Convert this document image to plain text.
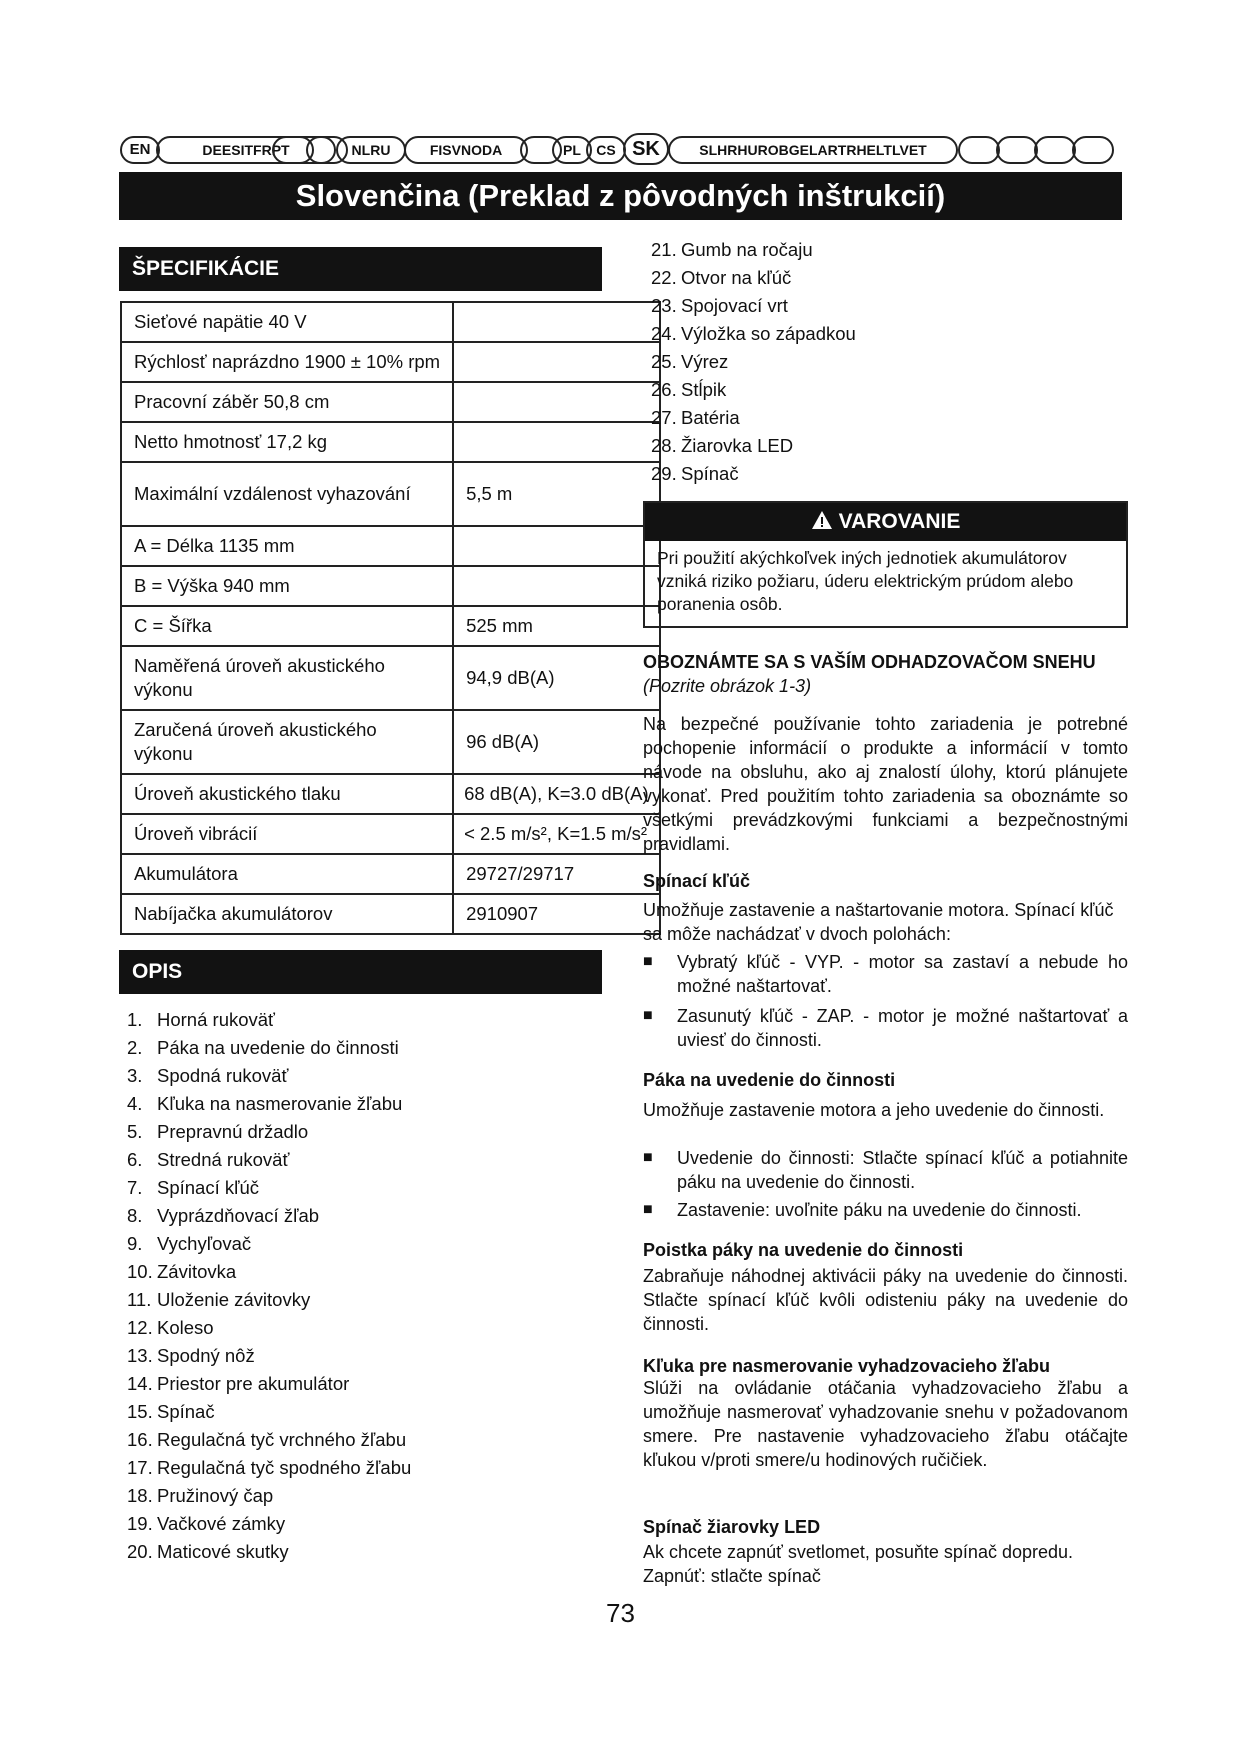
EN	DEESITFRPT	NLRU	FISVNODA	PL	CS SK	SLHRHUROBGELARTRHELTLVET
Slovenčina (Preklad z pôvodných inštrukcií)
ŠPECIFIKÁCIE
Sieťové napätie 40 V	
Rýchlosť naprázdno 1900 ± 10% rpm	
Pracovní záběr 50,8 cm	
Netto hmotnosť 17,2 kg	
Maximální vzdálenost vyhazování	5,5 m
A = Délka 1135 mm	
B = Výška 940 mm	
C = Šířka	525 mm
Naměřená úroveň akustického výkonu	94,9 dB(A)
Zaručená úroveň akustického výkonu	96 dB(A)
Úroveň akustického tlaku	68 dB(A), K=3.0 dB(A)
Úroveň vibrácií	< 2.5 m/s², K=1.5 m/s²
Akumulátora	29727/29717
Nabíjačka akumulátorov	2910907
OPIS
1. Horná rukoväť
2. Páka na uvedenie do činnosti
3. Spodná rukoväť
4. Kľuka na nasmerovanie žľabu
5. Prepravnú držadlo
6. Stredná rukoväť
7. Spínací kľúč
8. Vyprázdňovací žľab
9. Vychyľovač
10. Závitovka
11. Uloženie závitovky
12. Koleso
13. Spodný nôž
14. Priestor pre akumulátor
15. Spínač
16. Regulačná tyč vrchného žľabu
17. Regulačná tyč spodného žľabu
18. Pružinový čap
19. Vačkové zámky
20. Maticové skutky
21. Gumb na ročaju
22. Otvor na kľúč
23. Spojovací vrt
24. Výložka so západkou
25. Výrez
26. Stĺpik
27. Batéria
28. Žiarovka LED
29. Spínač
VAROVANIE
Pri použití akýchkoľvek iných jednotiek akumulátorov vzniká riziko požiaru, úderu elektrickým prúdom alebo poranenia osôb.
OBOZNÁMTE SA S VAŠÍM ODHADZOVAČOM SNEHU (Pozrite obrázok 1-3)
Na bezpečné používanie tohto zariadenia je potrebné pochopenie informácií o produkte a informácií v tomto návode na obsluhu, ako aj znalostí úlohy, ktorú plánujete vykonať. Pred použitím tohto zariadenia sa oboznámte so všetkými prevádzkovými funkciami a bezpečnostnými pravidlami.
Spínací kľúč
Umožňuje zastavenie a naštartovanie motora. Spínací kľúč sa môže nachádzať v dvoch polohách:
■	Vybratý kľúč - VYP. - motor sa zastaví a nebude ho možné naštartovať.
■	Zasunutý kľúč - ZAP. - motor je možné naštartovať a uviesť do činnosti.
Páka na uvedenie do činnosti
Umožňuje zastavenie motora a jeho uvedenie do činnosti.
■	Uvedenie do činnosti: Stlačte spínací kľúč a potiahnite páku na uvedenie do činnosti.
■	Zastavenie: uvoľnite páku na uvedenie do činnosti.
Poistka páky na uvedenie do činnosti
Zabraňuje náhodnej aktivácii páky na uvedenie do činnosti. Stlačte spínací kľúč kvôli odisteniu páky na uvedenie do činnosti.
Kľuka pre nasmerovanie vyhadzovacieho žľabu
Slúži na ovládanie otáčania vyhadzovacieho žľabu a umožňuje nasmerovať vyhadzovanie snehu v požadovanom smere. Pre nastavenie vyhadzovacieho žľabu otáčajte kľukou v/proti smere/u hodinových ručičiek.
Spínač žiarovky LED
Ak chcete zapnúť svetlomet, posuňte spínač dopredu. Zapnúť: stlačte spínač
73
